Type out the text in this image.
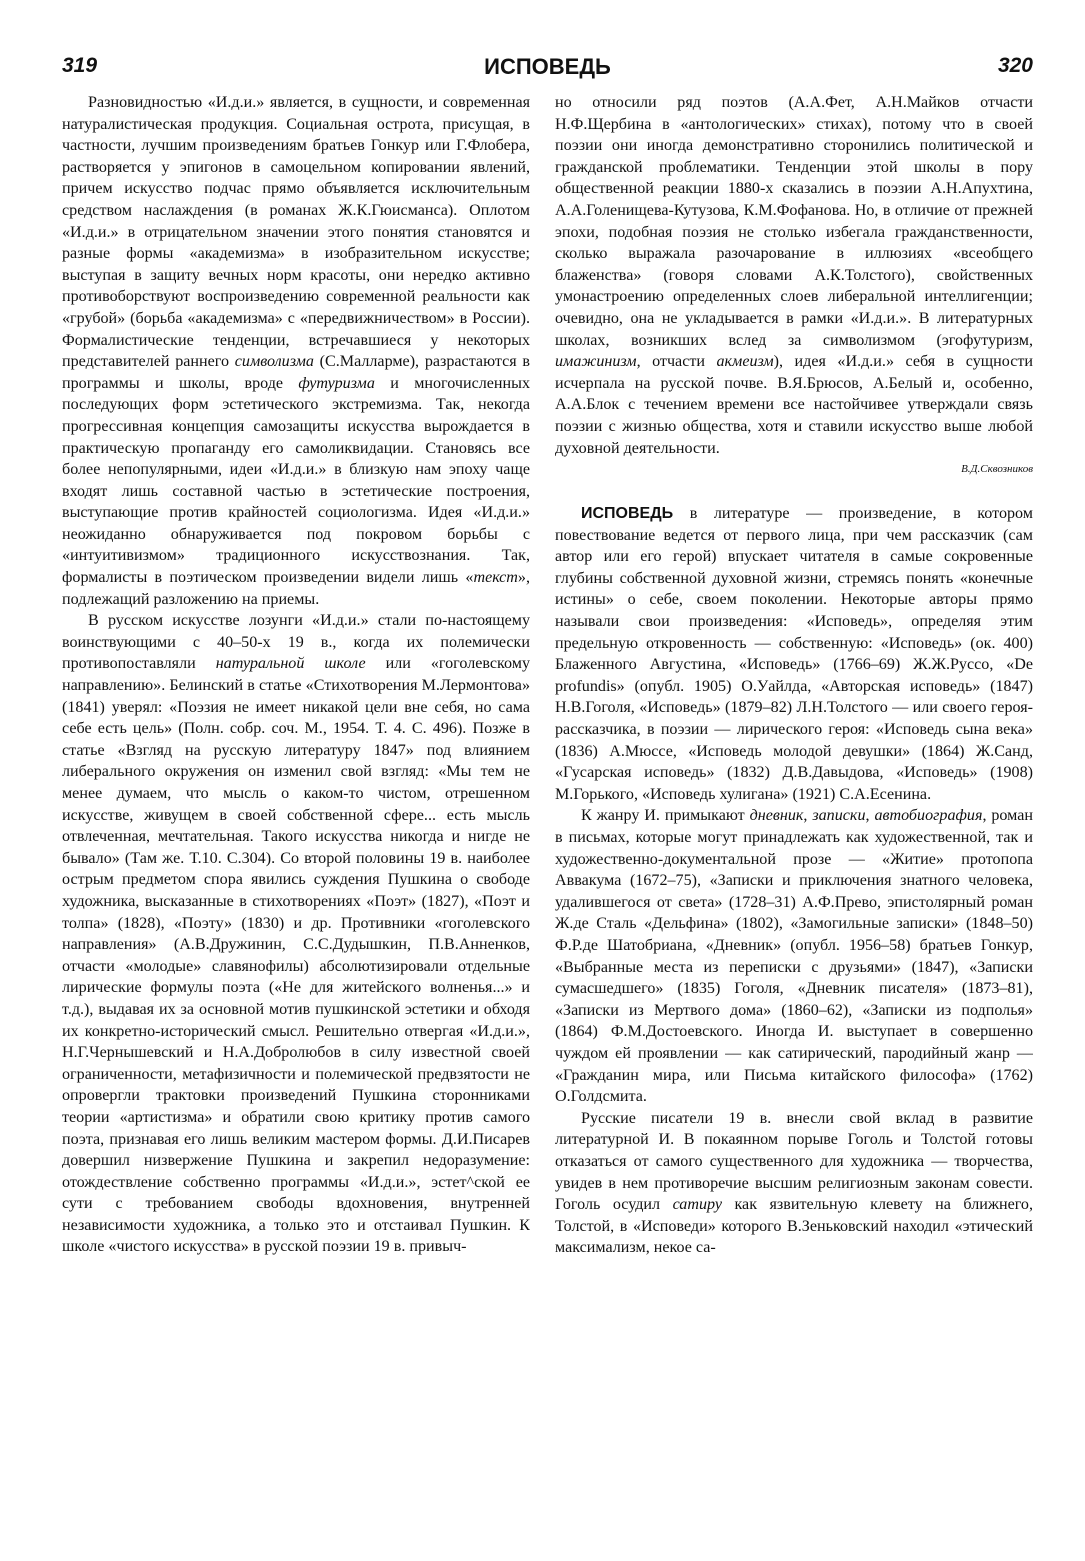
319	ИСПОВЕДЬ	320

Разновидностью «И.д.и.» является, в сущности, и современная натуралистическая продукция. Социальная острота, присущая, в частности, лучшим произведениям братьев Гонкур или Г.Флобера, растворяется у эпигонов в самоцельном копировании явлений, причем искусство подчас прямо объявляется исключительным средством наслаждения (в романах Ж.К.Гюисманса). Оплотом «И.д.и.» в отрицательном значении этого понятия становятся и разные формы «академизма» в изобразительном искусстве; выступая в защиту вечных норм красоты, они нередко активно противоборствуют воспроизведению современной реальности как «грубой» (борьба «академизма» с «передвижничеством» в России). Формалистические тенденции, встречавшиеся у некоторых представителей раннего символизма (С.Малларме), разрастаются в программы и школы, вроде футуризма и многочисленных последующих форм эстетического экстремизма. Так, некогда прогрессивная концепция самозащиты искусства вырождается в практическую пропаганду его самоликвидации. Становясь все более непопулярными, идеи «И.д.и.» в близкую нам эпоху чаще входят лишь составной частью в эстетические построения, выступающие против крайностей социологизма. Идея «И.д.и.» неожиданно обнаруживается под покровом борьбы с «интуитивизмом» традиционного искусствознания. Так, формалисты в поэтическом произведении видели лишь «текст», подлежащий разложению на приемы.

В русском искусстве лозунги «И.д.и.» стали по-настоящему воинствующими с 40–50-х 19 в., когда их полемически противопоставляли натуральной школе или «гоголевскому направлению». Белинский в статье «Стихотворения М.Лермонтова» (1841) уверял: «Поэзия не имеет никакой цели вне себя, но сама себе есть цель» (Полн. собр. соч. М., 1954. Т. 4. С. 496). Позже в статье «Взгляд на русскую литературу 1847» под влиянием либерального окружения он изменил свой взгляд: «Мы тем не менее думаем, что мысль о каком-то чистом, отрешенном искусстве, живущем в своей собственной сфере... есть мысль отвлеченная, мечтательная. Такого искусства никогда и нигде не бывало» (Там же. Т.10. С.304). Со второй половины 19 в. наиболее острым предметом спора явились суждения Пушкина о свободе художника, высказанные в стихотворениях «Поэт» (1827), «Поэт и толпа» (1828), «Поэту» (1830) и др. Противники «гоголевского направления» (А.В.Дружинин, С.С.Дудышкин, П.В.Анненков, отчасти «молодые» славянофилы) абсолютизировали отдельные лирические формулы поэта («Не для житейского волненья...» и т.д.), выдавая их за основной мотив пушкинской эстетики и обходя их конкретно-исторический смысл. Решительно отвергая «И.д.и.», Н.Г.Чернышевский и Н.А.Добролюбов в силу известной своей ограниченности, метафизичности и полемической предвзятости не опровергли трактовки произведений Пушкина сторонниками теории «артистизма» и обратили свою критику против самого поэта, признавая его лишь великим мастером формы. Д.И.Писарев довершил низвержение Пушкина и закрепил недоразумение: отождествление собственно программы «И.д.и.», эстет^ской ее сути с требованием свободы вдохновения, внутренней независимости художника, а только это и отстаивал Пушкин. К школе «чистого искусства» в русской поэзии 19 в. привыч-

но относили ряд поэтов (А.А.Фет, А.Н.Майков отчасти Н.Ф.Щербина в «антологических» стихах), потому что в своей поэзии они иногда демонстративно сторонились политической и гражданской проблематики. Тенденции этой школы в пору общественной реакции 1880-х сказались в поэзии А.Н.Апухтина, А.А.Голенищева-Кутузова, К.М.Фофанова. Но, в отличие от прежней эпохи, подобная поэзия не столько избегала гражданственности, сколько выражала разочарование в иллюзиях «всеобщего блаженства» (говоря словами А.К.Толстого), свойственных умонастроению определенных слоев либеральной интеллигенции; очевидно, она не укладывается в рамки «И.д.и.». В литературных школах, возникших вслед за символизмом (эгофутуризм, имажинизм, отчасти акмеизм), идея «И.д.и.» себя в сущности исчерпала на русской почве. В.Я.Брюсов, А.Белый и, особенно, А.А.Блок с течением времени все настойчивее утверждали связь поэзии с жизнью общества, хотя и ставили искусство выше любой духовной деятельности.

В.Д.Сквозников

ИСПОВЕДЬ в литературе — произведение, в котором повествование ведется от первого лица, при чем рассказчик (сам автор или его герой) впускает читателя в самые сокровенные глубины собственной духовной жизни, стремясь понять «конечные истины» о себе, своем поколении. Некоторые авторы прямо называли свои произведения: «Исповедь», определяя этим предельную откровенность — собственную: «Исповедь» (ок. 400) Блаженного Августина, «Исповедь» (1766–69) Ж.Ж.Руссо, «De profundis» (опубл. 1905) О.Уайлда, «Авторская исповедь» (1847) Н.В.Гоголя, «Исповедь» (1879–82) Л.Н.Толстого — или своего героя-рассказчика, в поэзии — лирического героя: «Исповедь сына века» (1836) А.Мюссе, «Исповедь молодой девушки» (1864) Ж.Санд, «Гусарская исповедь» (1832) Д.В.Давыдова, «Исповедь» (1908) М.Горького, «Исповедь хулигана» (1921) С.А.Есенина.

К жанру И. примыкают дневник, записки, автобиография, роман в письмах, которые могут принадлежать как художественной, так и художественно-документальной прозе — «Житие» протопопа Аввакума (1672–75), «Записки и приключения знатного человека, удалившегося от света» (1728–31) А.Ф.Прево, эпистолярный роман Ж.де Сталь «Дельфина» (1802), «Замогильные записки» (1848–50) Ф.Р.де Шатобриана, «Дневник» (опубл. 1956–58) братьев Гонкур, «Выбранные места из переписки с друзьями» (1847), «Записки сумасшедшего» (1835) Гоголя, «Дневник писателя» (1873–81), «Записки из Мертвого дома» (1860–62), «Записки из подполья» (1864) Ф.М.Достоевского. Иногда И. выступает в совершенно чуждом ей проявлении — как сатирический, пародийный жанр — «Гражданин мира, или Письма китайского философа» (1762) О.Голдсмита.

Русские писатели 19 в. внесли свой вклад в развитие литературной И. В покаянном порыве Гоголь и Толстой готовы отказаться от самого существенного для художника — творчества, увидев в нем противоречие высшим религиозным законам совести. Гоголь осудил сатиру как язвительную клевету на ближнего, Толстой, в «Исповеди» которого В.Зеньковский находил «этический максимализм, некое са-
